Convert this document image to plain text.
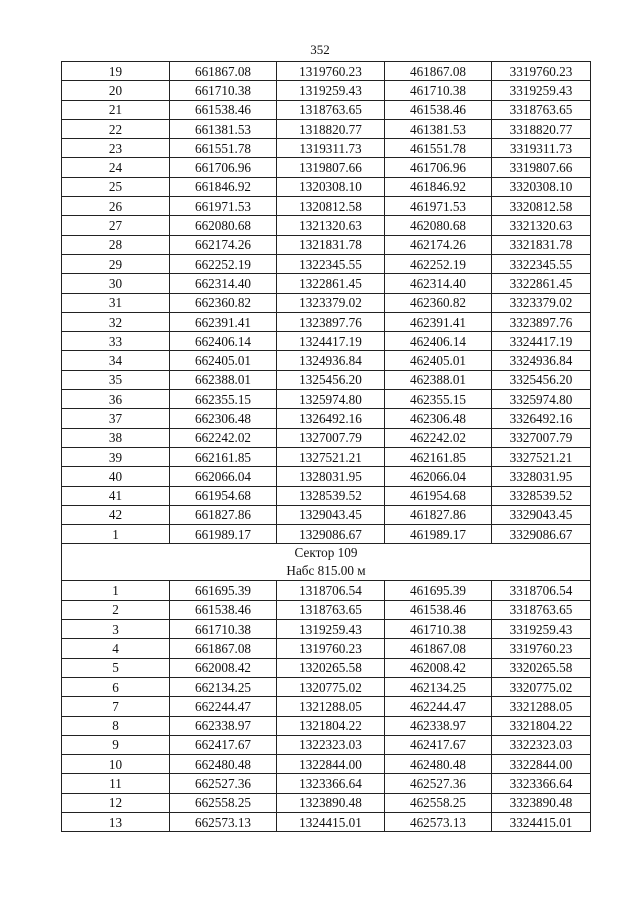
352
19	661867.08	1319760.23	461867.08	3319760.23
20	661710.38	1319259.43	461710.38	3319259.43
21	661538.46	1318763.65	461538.46	3318763.65
22	661381.53	1318820.77	461381.53	3318820.77
23	661551.78	1319311.73	461551.78	3319311.73
24	661706.96	1319807.66	461706.96	3319807.66
25	661846.92	1320308.10	461846.92	3320308.10
26	661971.53	1320812.58	461971.53	3320812.58
27	662080.68	1321320.63	462080.68	3321320.63
28	662174.26	1321831.78	462174.26	3321831.78
29	662252.19	1322345.55	462252.19	3322345.55
30	662314.40	1322861.45	462314.40	3322861.45
31	662360.82	1323379.02	462360.82	3323379.02
32	662391.41	1323897.76	462391.41	3323897.76
33	662406.14	1324417.19	462406.14	3324417.19
34	662405.01	1324936.84	462405.01	3324936.84
35	662388.01	1325456.20	462388.01	3325456.20
36	662355.15	1325974.80	462355.15	3325974.80
37	662306.48	1326492.16	462306.48	3326492.16
38	662242.02	1327007.79	462242.02	3327007.79
39	662161.85	1327521.21	462161.85	3327521.21
40	662066.04	1328031.95	462066.04	3328031.95
41	661954.68	1328539.52	461954.68	3328539.52
42	661827.86	1329043.45	461827.86	3329043.45
1	661989.17	1329086.67	461989.17	3329086.67

Сектор 109
Набс 815.00 м				

1	661695.39	1318706.54	461695.39	3318706.54
2	661538.46	1318763.65	461538.46	3318763.65
3	661710.38	1319259.43	461710.38	3319259.43
4	661867.08	1319760.23	461867.08	3319760.23
5	662008.42	1320265.58	462008.42	3320265.58
6	662134.25	1320775.02	462134.25	3320775.02
7	662244.47	1321288.05	462244.47	3321288.05
8	662338.97	1321804.22	462338.97	3321804.22
9	662417.67	1322323.03	462417.67	3322323.03
10	662480.48	1322844.00	462480.48	3322844.00
11	662527.36	1323366.64	462527.36	3323366.64
12	662558.25	1323890.48	462558.25	3323890.48
13	662573.13	1324415.01	462573.13	3324415.01
